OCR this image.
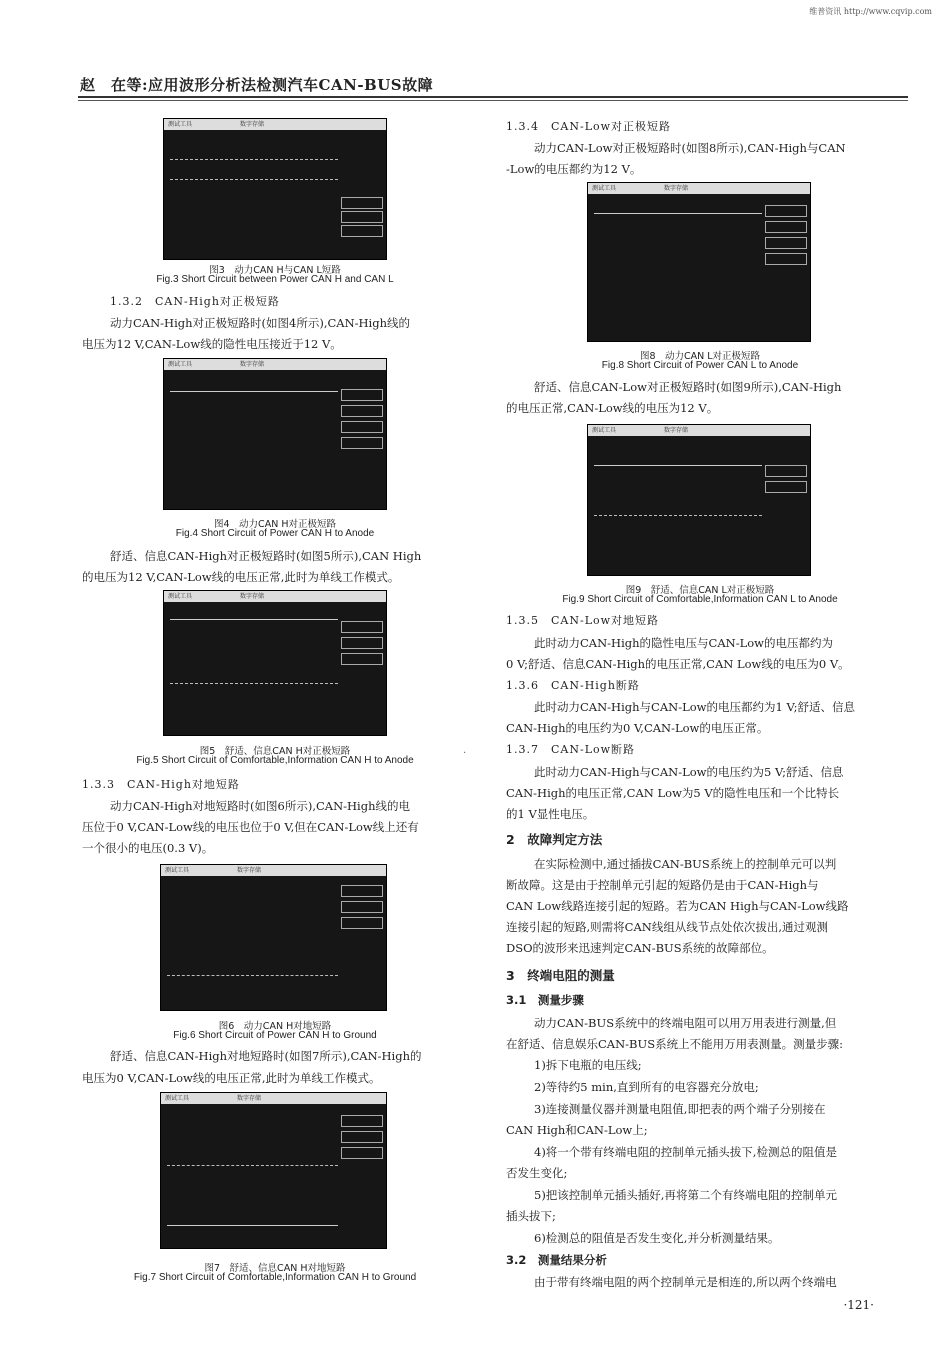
维普资讯 http://www.cqvip.com
赵　在等:应用波形分析法检测汽车CAN-BUS故障
测试工具　　　　　　　　	数字存储
图3　动力CAN H与CAN L短路
Fig.3 Short Circuit between Power CAN H and CAN L
1.3.2　CAN-High对正极短路
动力CAN-High对正极短路时(如图4所示),CAN-High线的
电压为12 V,CAN-Low线的隐性电压接近于12 V。
测试工具　　　　　　　　	数字存储
图4　动力CAN H对正极短路
Fig.4 Short Circuit of Power CAN H to Anode
舒适、信息CAN-High对正极短路时(如图5所示),CAN High
的电压为12 V,CAN-Low线的电压正常,此时为单线工作模式。
测试工具　　　　　　　　	数字存储
图5　舒适、信息CAN H对正极短路
Fig.5 Short Circuit of Comfortable,Information CAN H to Anode
1.3.3　CAN-High对地短路
动力CAN-High对地短路时(如图6所示),CAN-High线的电
压位于0 V,CAN-Low线的电压也位于0 V,但在CAN-Low线上还有
一个很小的电压(0.3 V)。
测试工具　　　　　　　　	数字存储
图6　动力CAN H对地短路
Fig.6 Short Circuit of Power CAN H to Ground
舒适、信息CAN-High对地短路时(如图7所示),CAN-High的
电压为0 V,CAN-Low线的电压正常,此时为单线工作模式。
测试工具　　　　　　　　	数字存储
图7　舒适、信息CAN H对地短路
Fig.7 Short Circuit of Comfortable,Information CAN H to Ground
·
1.3.4　CAN-Low对正极短路
动力CAN-Low对正极短路时(如图8所示),CAN-High与CAN
-Low的电压都约为12 V。
测试工具　　　　　　　　	数字存储
图8　动力CAN L对正极短路
Fig.8 Short Circuit of Power CAN L to Anode
舒适、信息CAN-Low对正极短路时(如图9所示),CAN-High
的电压正常,CAN-Low线的电压为12 V。
测试工具　　　　　　　　	数字存储
图9　舒适、信息CAN L对正极短路
Fig.9 Short Circuit of Comfortable,Information CAN L to Anode
1.3.5　CAN-Low对地短路
此时动力CAN-High的隐性电压与CAN-Low的电压都约为
0 V;舒适、信息CAN-High的电压正常,CAN Low线的电压为0 V。
1.3.6　CAN-High断路
此时动力CAN-High与CAN-Low的电压都约为1 V;舒适、信息
CAN-High的电压约为0 V,CAN-Low的电压正常。
1.3.7　CAN-Low断路
此时动力CAN-High与CAN-Low的电压约为5 V;舒适、信息
CAN-High的电压正常,CAN Low为5 V的隐性电压和一个比特长
的1 V显性电压。
2　故障判定方法
在实际检测中,通过插拔CAN-BUS系统上的控制单元可以判
断故障。这是由于控制单元引起的短路仍是由于CAN-High与
CAN Low线路连接引起的短路。若为CAN High与CAN-Low线路
连接引起的短路,则需将CAN线组从线节点处依次拔出,通过观测
DSO的波形来迅速判定CAN-BUS系统的故障部位。
3　终端电阻的测量
3.1　测量步骤
动力CAN-BUS系统中的终端电阻可以用万用表进行测量,但
在舒适、信息娱乐CAN-BUS系统上不能用万用表测量。测量步骤:
1)拆下电瓶的电压线;
2)等待约5 min,直到所有的电容器充分放电;
3)连接测量仪器并测量电阻值,即把表的两个端子分别接在
CAN High和CAN-Low上;
4)将一个带有终端电阻的控制单元插头拔下,检测总的阻值是
否发生变化;
5)把该控制单元插头插好,再将第二个有终端电阻的控制单元
插头拔下;
6)检测总的阻值是否发生变化,并分析测量结果。
3.2　测量结果分析
由于带有终端电阻的两个控制单元是相连的,所以两个终端电
·121·
